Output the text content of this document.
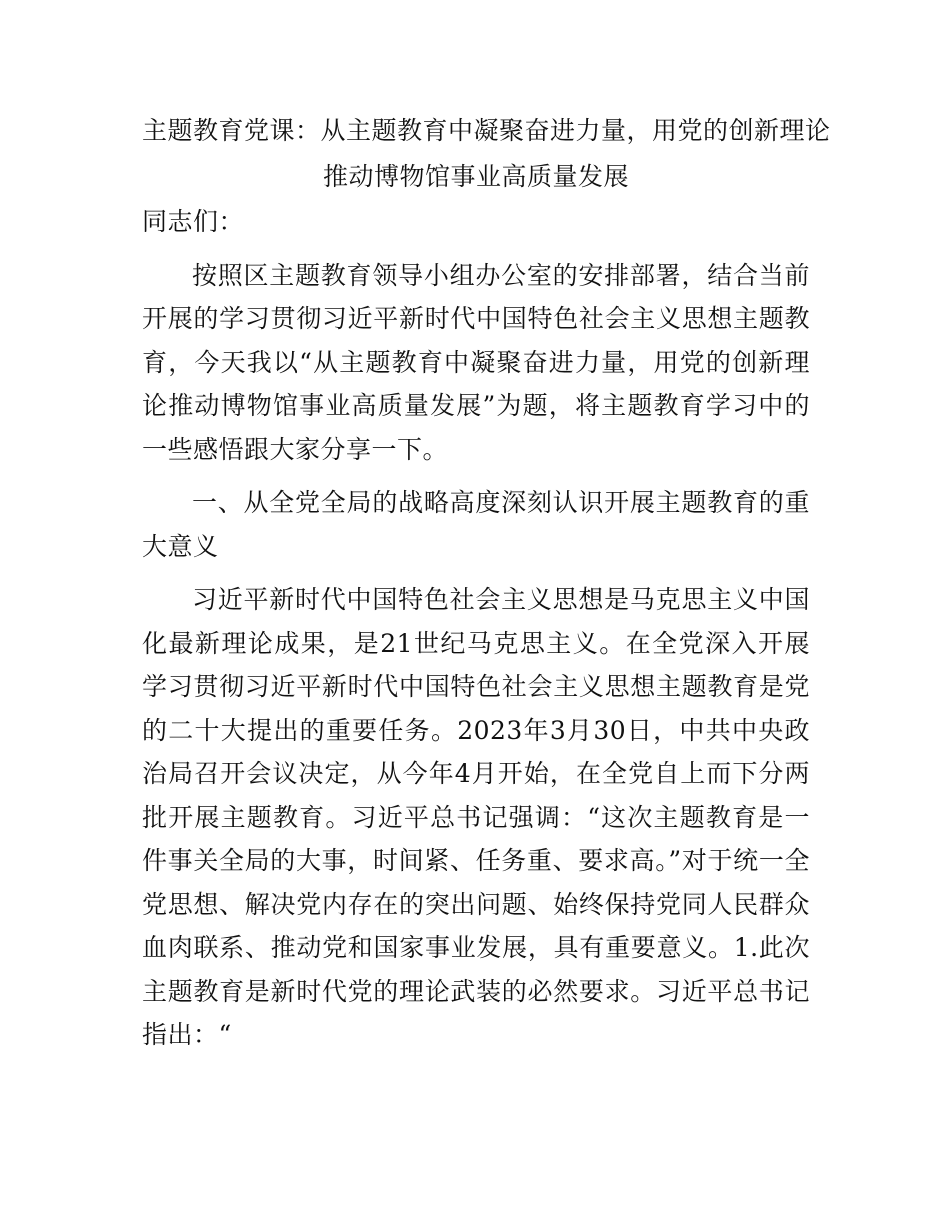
主题教育党课：从主题教育中凝聚奋进力量，用党的创新理论
推动博物馆事业高质量发展

同志们：

按照区主题教育领导小组办公室的安排部署，结合当前开展的学习贯彻习近平新时代中国特色社会主义思想主题教育，今天我以“从主题教育中凝聚奋进力量，用党的创新理论推动博物馆事业高质量发展”为题，将主题教育学习中的一些感悟跟大家分享一下。

一、从全党全局的战略高度深刻认识开展主题教育的重大意义

习近平新时代中国特色社会主义思想是马克思主义中国化最新理论成果，是21世纪马克思主义。在全党深入开展学习贯彻习近平新时代中国特色社会主义思想主题教育是党的二十大提出的重要任务。2023年3月30日，中共中央政治局召开会议决定，从今年4月开始，在全党自上而下分两批开展主题教育。习近平总书记强调：“这次主题教育是一件事关全局的大事，时间紧、任务重、要求高。”对于统一全党思想、解决党内存在的突出问题、始终保持党同人民群众血肉联系、推动党和国家事业发展，具有重要意义。1.此次主题教育是新时代党的理论武装的必然要求。习近平总书记指出：“
